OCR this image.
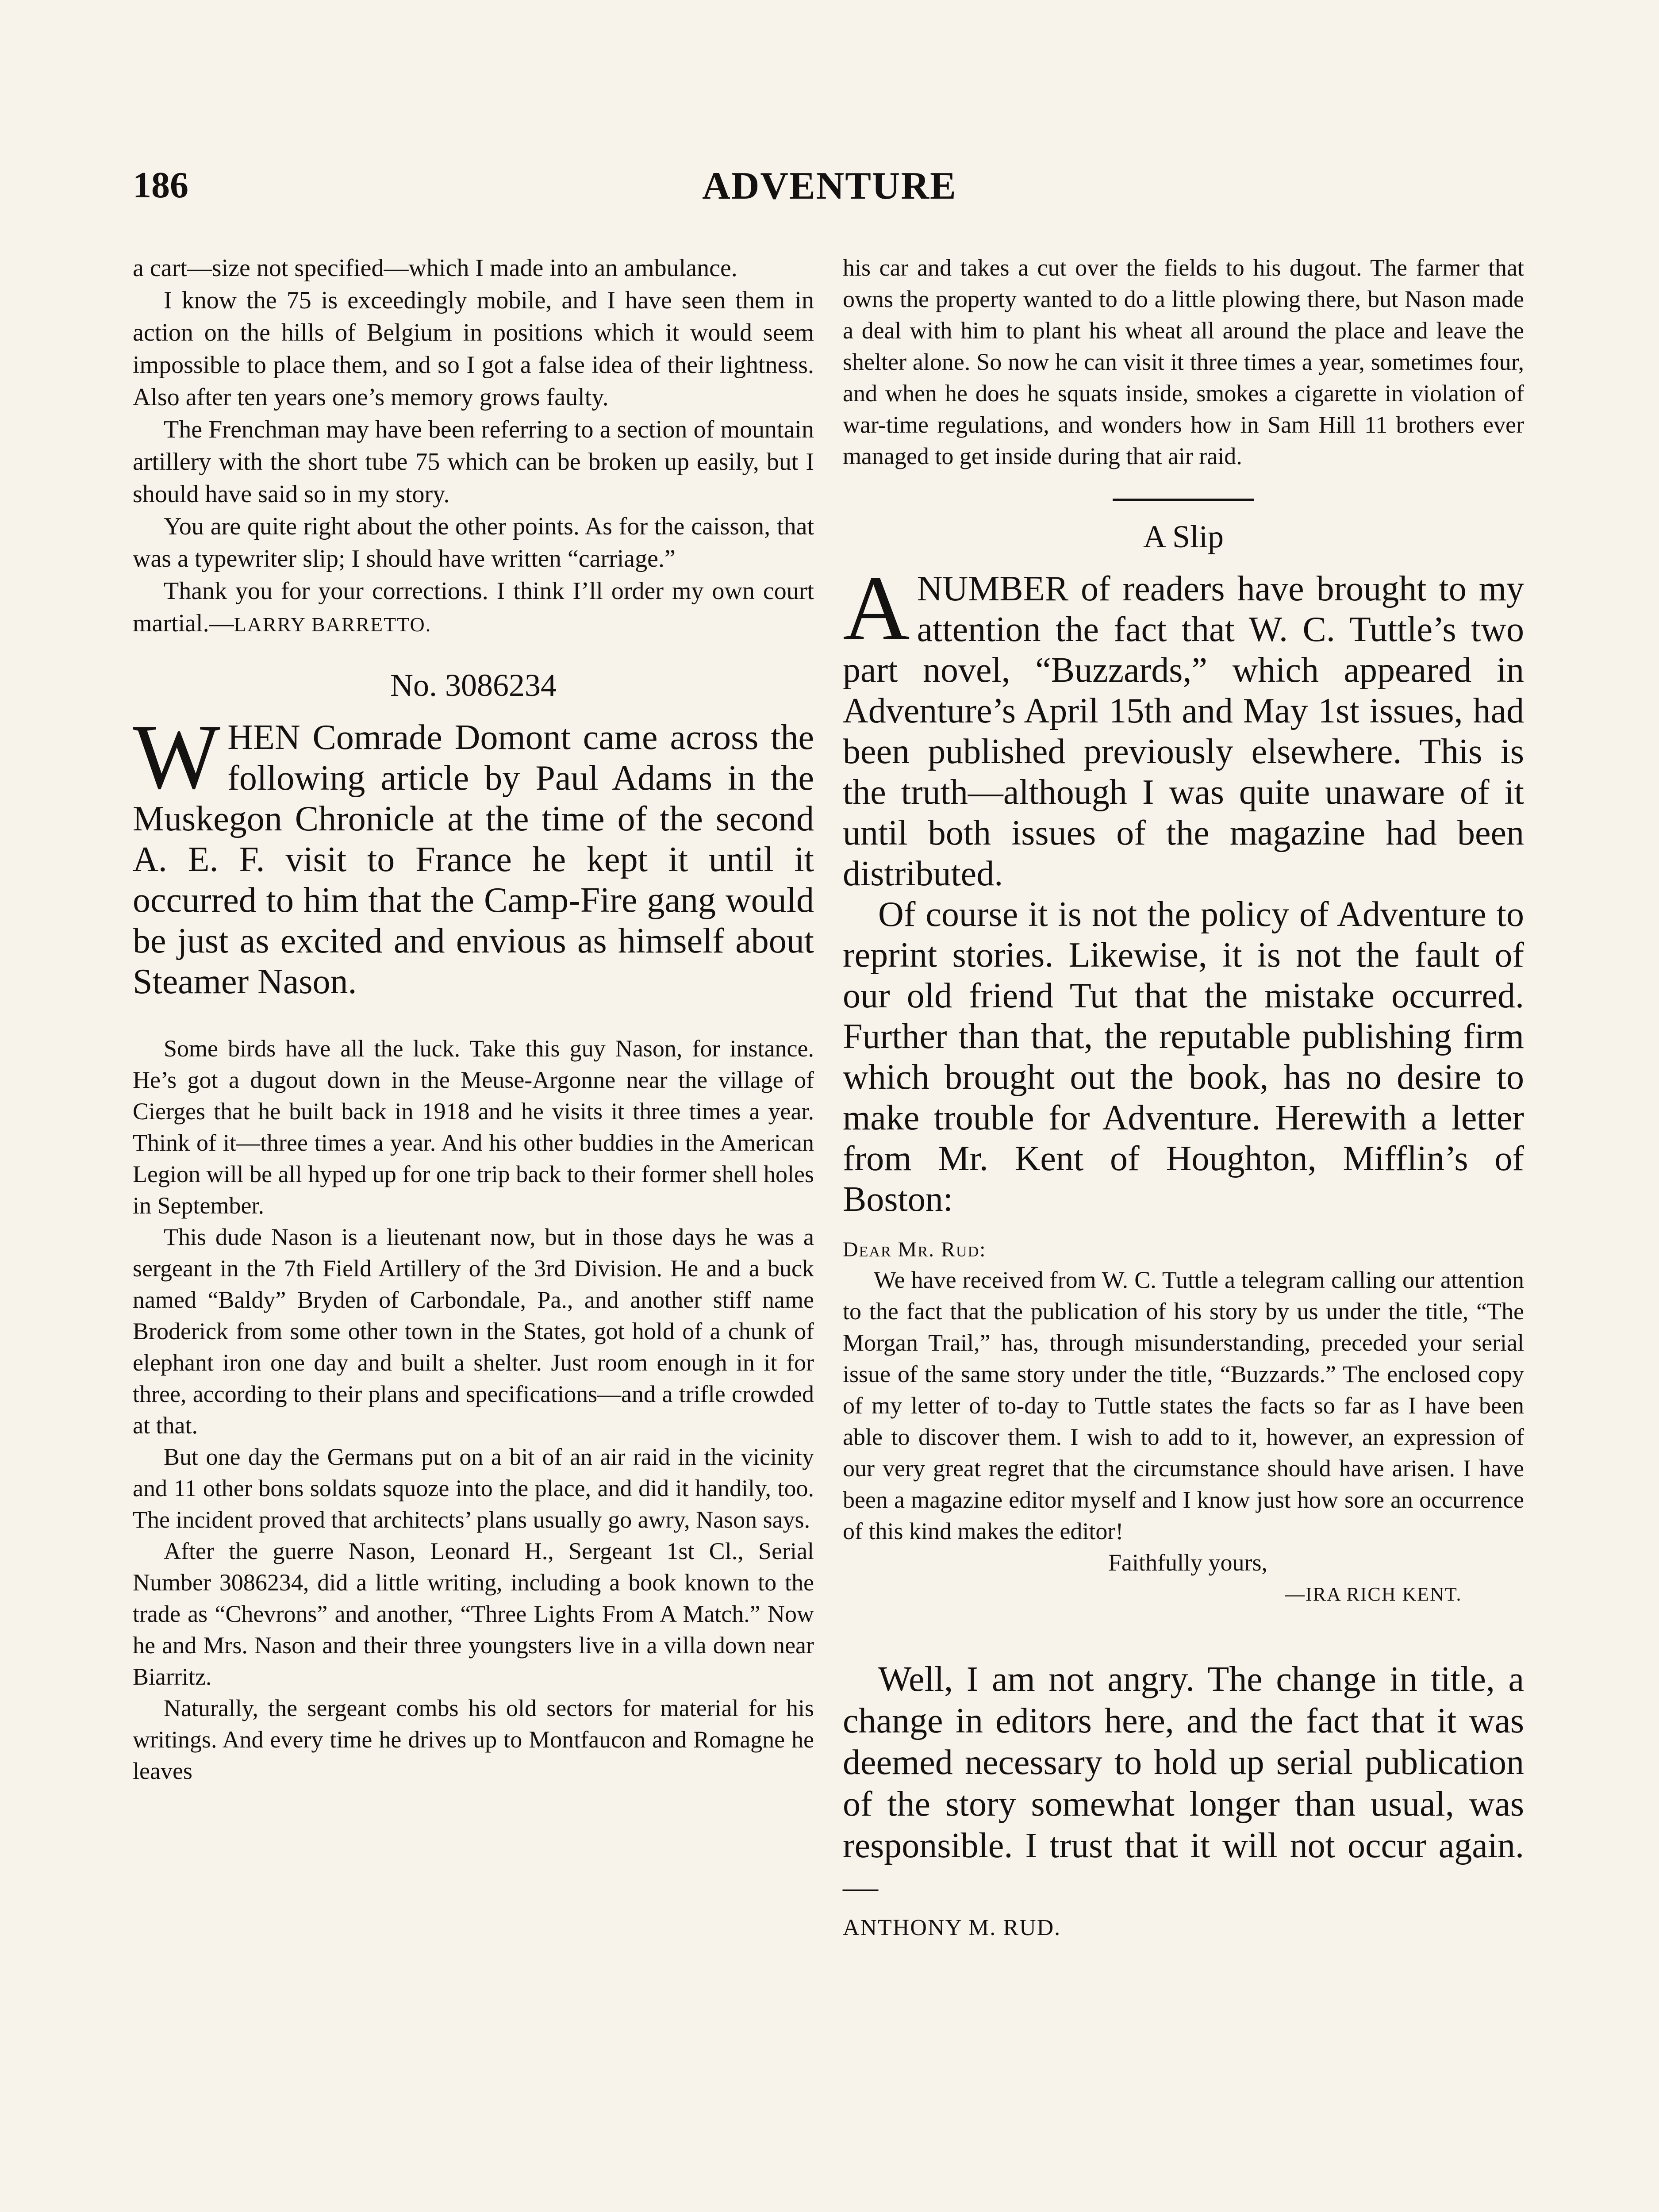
186	ADVENTURE

a cart—size not specified—which I made into an ambulance.

I know the 75 is exceedingly mobile, and I have seen them in action on the hills of Belgium in positions which it would seem impossible to place them, and so I got a false idea of their lightness. Also after ten years one’s memory grows faulty.

The Frenchman may have been referring to a section of mountain artillery with the short tube 75 which can be broken up easily, but I should have said so in my story.

You are quite right about the other points. As for the caisson, that was a typewriter slip; I should have written “carriage.”

Thank you for your corrections. I think I’ll order my own court martial.—LARRY BARRETTO.

No. 3086234

WHEN Comrade Domont came across the following article by Paul Adams in the Muskegon Chronicle at the time of the second A. E. F. visit to France he kept it until it occurred to him that the Camp-Fire gang would be just as excited and envious as himself about Steamer Nason.

Some birds have all the luck. Take this guy Nason, for instance. He’s got a dugout down in the Meuse-Argonne near the village of Cierges that he built back in 1918 and he visits it three times a year. Think of it—three times a year. And his other buddies in the American Legion will be all hyped up for one trip back to their former shell holes in September.

This dude Nason is a lieutenant now, but in those days he was a sergeant in the 7th Field Artillery of the 3rd Division. He and a buck named “Baldy” Bryden of Carbondale, Pa., and another stiff name Broderick from some other town in the States, got hold of a chunk of elephant iron one day and built a shelter. Just room enough in it for three, according to their plans and specifications—and a trifle crowded at that.

But one day the Germans put on a bit of an air raid in the vicinity and 11 other bons soldats squoze into the place, and did it handily, too. The incident proved that architects’ plans usually go awry, Nason says.

After the guerre Nason, Leonard H., Sergeant 1st Cl., Serial Number 3086234, did a little writing, including a book known to the trade as “Chevrons” and another, “Three Lights From A Match.” Now he and Mrs. Nason and their three youngsters live in a villa down near Biarritz.

Naturally, the sergeant combs his old sectors for material for his writings. And every time he drives up to Montfaucon and Romagne he leaves

his car and takes a cut over the fields to his dugout. The farmer that owns the property wanted to do a little plowing there, but Nason made a deal with him to plant his wheat all around the place and leave the shelter alone. So now he can visit it three times a year, sometimes four, and when he does he squats inside, smokes a cigarette in violation of war-time regulations, and wonders how in Sam Hill 11 brothers ever managed to get inside during that air raid.

A Slip

ANUMBER of readers have brought to my attention the fact that W. C. Tuttle’s two part novel, “Buzzards,” which appeared in Adventure’s April 15th and May 1st issues, had been published previously elsewhere. This is the truth—although I was quite unaware of it until both issues of the magazine had been distributed.

Of course it is not the policy of Adventure to reprint stories. Likewise, it is not the fault of our old friend Tut that the mistake occurred. Further than that, the reputable publishing firm which brought out the book, has no desire to make trouble for Adventure. Herewith a letter from Mr. Kent of Houghton, Mifflin’s of Boston:

Dear Mr. Rud:

We have received from W. C. Tuttle a telegram calling our attention to the fact that the publication of his story by us under the title, “The Morgan Trail,” has, through misunderstanding, preceded your serial issue of the same story under the title, “Buzzards.” The enclosed copy of my letter of to-day to Tuttle states the facts so far as I have been able to discover them. I wish to add to it, however, an expression of our very great regret that the circumstance should have arisen. I have been a magazine editor myself and I know just how sore an occurrence of this kind makes the editor!

Faithfully yours,
—IRA RICH KENT.

Well, I am not angry. The change in title, a change in editors here, and the fact that it was deemed necessary to hold up serial publication of the story somewhat longer than usual, was responsible. I trust that it will not occur again.—

ANTHONY M. RUD.
